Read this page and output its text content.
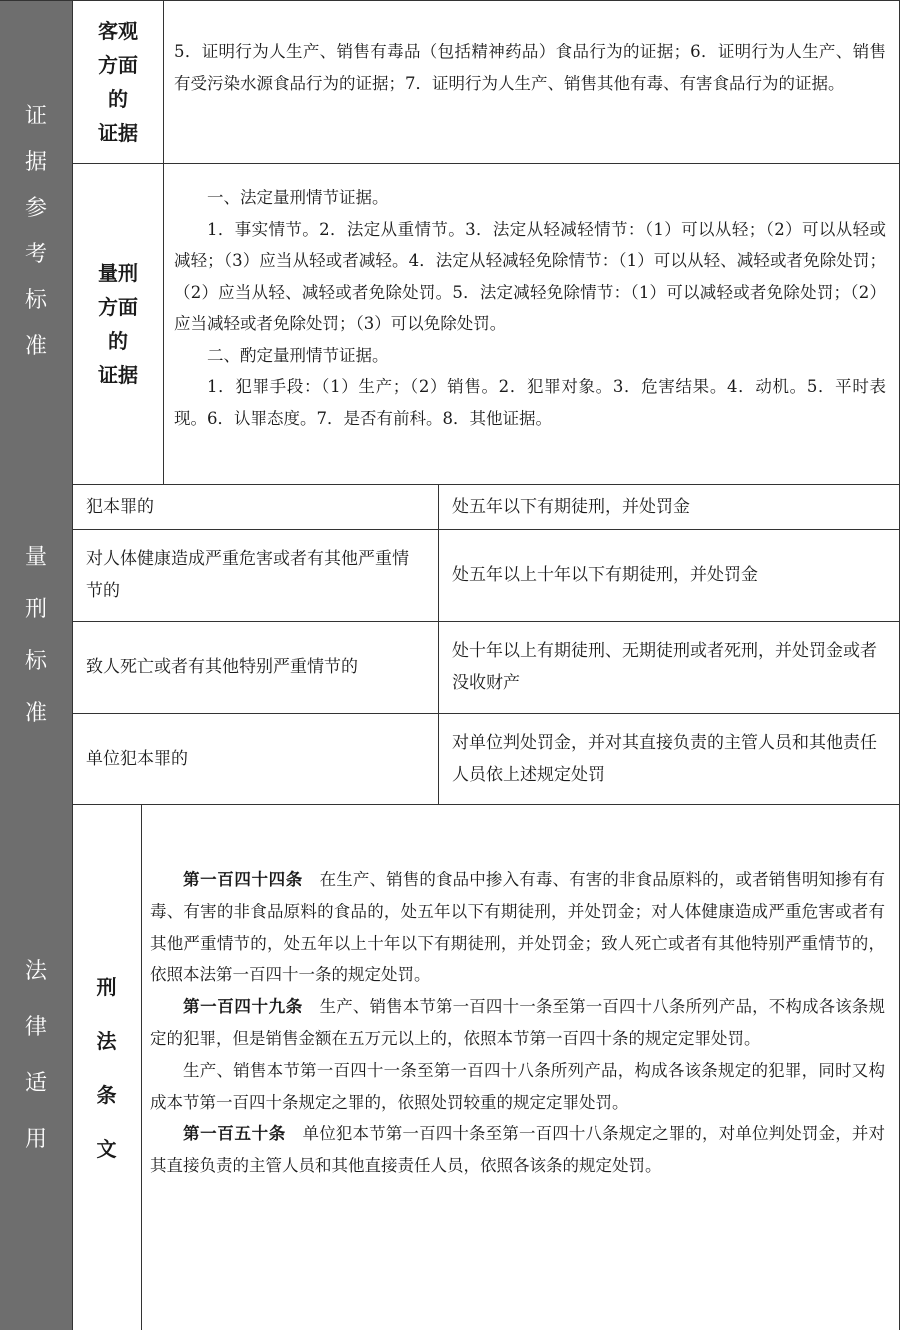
证
据
参
考
标
准
客观
方面
的
证据

5．证明行为人生产、销售有毒品（包括精神药品）食品行为的证据；6．证明行为人生产、销售有受污染水源食品行为的证据；7．证明行为人生产、销售其他有毒、有害食品行为的证据。

量刑
方面
的
证据

一、法定量刑情节证据。

1．事实情节。2．法定从重情节。3．法定从轻减轻情节：（1）可以从轻；（2）可以从轻或减轻；（3）应当从轻或者减轻。4．法定从轻减轻免除情节：（1）可以从轻、减轻或者免除处罚；（2）应当从轻、减轻或者免除处罚。5．法定减轻免除情节：（1）可以减轻或者免除处罚；（2）应当减轻或者免除处罚；（3）可以免除处罚。

二、酌定量刑情节证据。

1．犯罪手段：（1）生产；（2）销售。2．犯罪对象。3．危害结果。4．动机。5．平时表现。6．认罪态度。7．是否有前科。8．其他证据。

量
刑
标
准
犯本罪的	处五年以下有期徒刑，并处罚金
对人体健康造成严重危害或者有其他严重情节的
处五年以上十年以下有期徒刑，并处罚金
致人死亡或者有其他特别严重情节的
处十年以上有期徒刑、无期徒刑或者死刑，并处罚金或者没收财产
单位犯本罪的
对单位判处罚金，并对其直接负责的主管人员和其他责任人员依上述规定处罚
法
律
适
用
刑
法
条
文

第一百四十四条　 在生产、销售的食品中掺入有毒、有害的非食品原料的，或者销售明知掺有有毒、有害的非食品原料的食品的，处五年以下有期徒刑，并处罚金；对人体健康造成严重危害或者有其他严重情节的，处五年以上十年以下有期徒刑，并处罚金；致人死亡或者有其他特别严重情节的，依照本法第一百四十一条的规定处罚。

第一百四十九条　 生产、销售本节第一百四十一条至第一百四十八条所列产品，不构成各该条规定的犯罪，但是销售金额在五万元以上的，依照本节第一百四十条的规定定罪处罚。

生产、销售本节第一百四十一条至第一百四十八条所列产品，构成各该条规定的犯罪，同时又构成本节第一百四十条规定之罪的，依照处罚较重的规定定罪处罚。

第一百五十条　 单位犯本节第一百四十条至第一百四十八条规定之罪的，对单位判处罚金，并对其直接负责的主管人员和其他直接责任人员，依照各该条的规定处罚。
